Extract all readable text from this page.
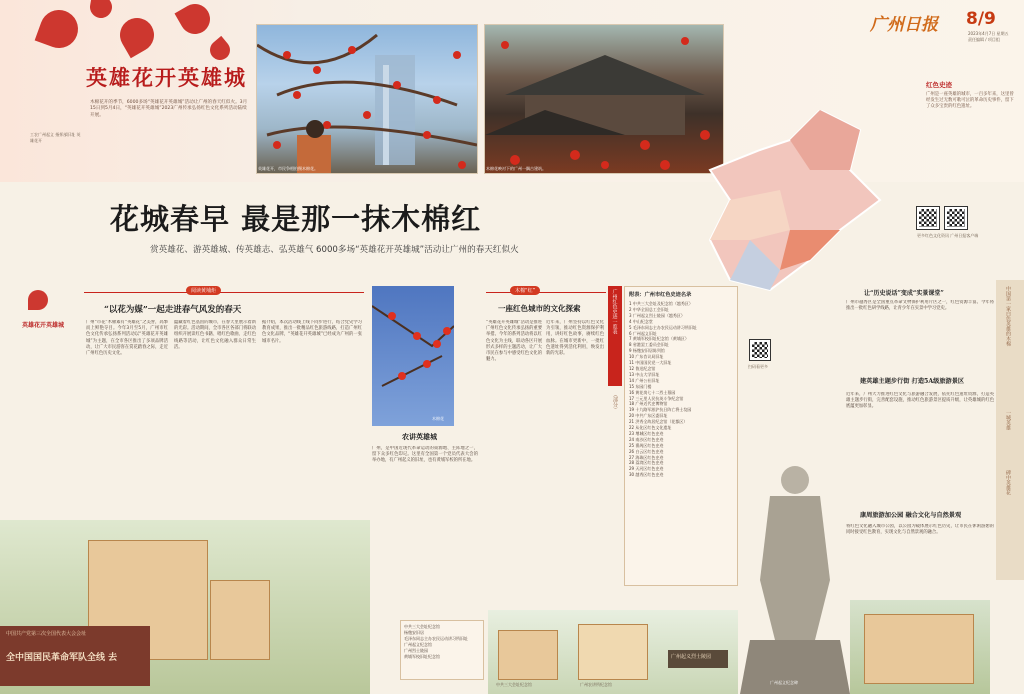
英雄花开英雄城
木棉花开的季节，6000多场“英雄花开英雄城”活动让广州的春天红似火。3月15日到5月4日，“英雄花开英雄城”2023广州传承弘扬红色文化系列活动陆续开展。
工农广州起义 指挥部旧址 英雄花开
英雄花开，市民争相拍摄木棉花。	木棉花映衬下的广州一隅古建筑。
广州日报 8/9
2023年4月7日 星期五
责任编辑 / 项目组
红色史迹
广州是一座英雄的城市，一百多年来，这里曾经发生过无数可歌可泣的革命历史事件，留下了众多宝贵的红色遗址。
更多红色文化资讯 广州日报客户端
花城春早 最是那一抹木棉红
赏英雄花、游英雄城、传英雄志、弘英雄气 6000多场“英雄花开英雄城”活动让广州的春天红似火
英雄花开英雄城
阅读黄埔炬
“以花为媒”一起走进春气风发的春天
广州“市花”木棉素有“英雄花”之美誉，高擎而上鲜艳夺目。今年3月至5月，广州市红色文化传承弘扬系列活动以“英雄花开英雄城”为主题，在全市各区推出了多项品牌活动，让广大市民游客在赏花踏春之际，走近广州红色历史文化。
蕴藏着红色基因的城市，在春天里展示着新的光彩。活动期间，全市各区各部门将联动组织开展读红色书籍、唱红色歌曲、走红色线路等活动，让红色文化融入群众日常生活。
据介绍，本次活动线上线下同步进行，结合党史学习教育成果，推出一批精品红色旅游线路，打造广州红色文化品牌，“英雄花开英雄城”已经成为广州的一张城市名片。
中国共产党第三次全国代表大会会址
全中国国民革命军队全线 去
木棉花
农讲英雄城
广州，是中国近现代革命运动的策源地、主阵地之一，留下众多红色印记。这里有全国第一个党员代表大会的举办地，有广州起义的旧址，也有黄埔军校的所在地。
木棉“红”
一座红色城市的文化探索
“英雄花开英雄城”活动是推进广州红色文化传承弘扬的重要举措。今年的系列活动将以红色文化为主线，联动各区开展形式多样的主题活动，让广大市民在参与中感受红色文化的魅力。
近年来，广州坚持以红色文化为引领，推动红色资源保护利用，讲好红色故事，赓续红色血脉。在城市更新中，一批红色遗址得到活化利用，焕发出新的光彩。
中共三大会址纪念馆
杨匏安旧居
毛泽东同志主办农民运动讲习所旧址
广州起义纪念馆
广州烈士陵园
黄埔军校旧址纪念馆
广州红色史迹一览表
（部分）
附表：广州市红色史迹名录
1 中共三大会址及纪念馆（越秀区）
2 中华全国总工会旧址
3 广州起义烈士陵园（越秀区）
4 中山纪念堂
5 毛泽东同志主办农民运动讲习所旧址
6 广州起义旧址
7 黄埔军校旧址纪念馆（黄埔区）
8 省港罢工委员会旧址
9 杨匏安旧居陈列馆
10 广东咨议局旧址
11 中国国民党一大旧址
12 鲁迅纪念馆
13 中山大学旧址
14 广州公社旧址
15 东园门楼
16 黄花岗七十二烈士墓园
17 三元里人民抗英斗争纪念馆
18 广州近代史博物馆
19 十九路军淞沪抗日阵亡将士坟园
20 中共广东区委旧址
21 洪秀全故居纪念馆（花都区）
22 从化区红色文化遗址
23 增城区红色史迹
24 南沙区红色史迹
25 番禺区红色史迹
26 白云区红色史迹
27 海珠区红色史迹
28 荔湾区红色史迹
29 天河区红色史迹
30 越秀区红色史迹
让“历史说话”变成“实景课堂”
广州市越秀区是全国重点革命文物保护利用片区之一，红色资源丰富。今年将推出一批红色研学线路，让青少年在实景中学习党史。
扫码看更多
建英雄主题步行街 打造5A级旅游景区
近年来，广州大力推进红色文化与旅游融合发展，依托红色遗址资源，打造英雄主题步行街，完善配套设施，推动红色旅游景区提质升级，让英雄城的红色底蕴更加彰显。
康周旅游加公园 融合文化与自然景观
将红色文化融入城市公园，以公园为载体展示红色历史，让市民在休闲游憩的同时接受红色教育，实现文化与自然景观的融合。
广州起义纪念碑
广州起义烈士陵园
中共三大会址纪念馆	广州农讲所纪念馆
中国第一家白色英雄的木棉
一城英雄
碑中英雄花
